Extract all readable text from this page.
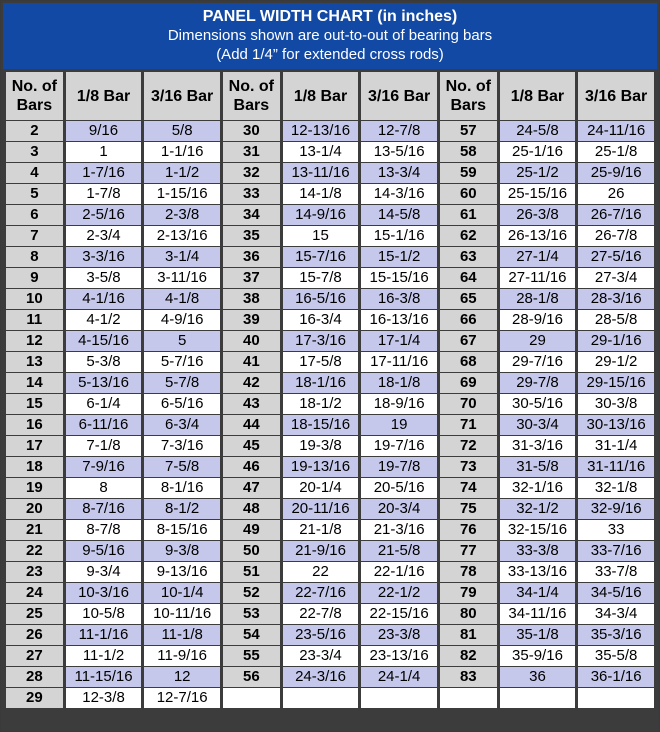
PANEL WIDTH CHART (in inches)
Dimensions shown are out-to-out of bearing bars
(Add 1/4” for extended cross rods)
No. of
Bars	1/8 Bar	3/16 Bar	No. of
Bars	1/8 Bar	3/16 Bar	No. of
Bars	1/8 Bar	3/16 Bar
2	9/16	5/8	30	12-13/16	12-7/8	57	24-5/8	24-11/16
3	1	1-1/16	31	13-1/4	13-5/16	58	25-1/16	25-1/8
4	1-7/16	1-1/2	32	13-11/16	13-3/4	59	25-1/2	25-9/16
5	1-7/8	1-15/16	33	14-1/8	14-3/16	60	25-15/16	26
6	2-5/16	2-3/8	34	14-9/16	14-5/8	61	26-3/8	26-7/16
7	2-3/4	2-13/16	35	15	15-1/16	62	26-13/16	26-7/8
8	3-3/16	3-1/4	36	15-7/16	15-1/2	63	27-1/4	27-5/16
9	3-5/8	3-11/16	37	15-7/8	15-15/16	64	27-11/16	27-3/4
10	4-1/16	4-1/8	38	16-5/16	16-3/8	65	28-1/8	28-3/16
11	4-1/2	4-9/16	39	16-3/4	16-13/16	66	28-9/16	28-5/8
12	4-15/16	5	40	17-3/16	17-1/4	67	29	29-1/16
13	5-3/8	5-7/16	41	17-5/8	17-11/16	68	29-7/16	29-1/2
14	5-13/16	5-7/8	42	18-1/16	18-1/8	69	29-7/8	29-15/16
15	6-1/4	6-5/16	43	18-1/2	18-9/16	70	30-5/16	30-3/8
16	6-11/16	6-3/4	44	18-15/16	19	71	30-3/4	30-13/16
17	7-1/8	7-3/16	45	19-3/8	19-7/16	72	31-3/16	31-1/4
18	7-9/16	7-5/8	46	19-13/16	19-7/8	73	31-5/8	31-11/16
19	8	8-1/16	47	20-1/4	20-5/16	74	32-1/16	32-1/8
20	8-7/16	8-1/2	48	20-11/16	20-3/4	75	32-1/2	32-9/16
21	8-7/8	8-15/16	49	21-1/8	21-3/16	76	32-15/16	33
22	9-5/16	9-3/8	50	21-9/16	21-5/8	77	33-3/8	33-7/16
23	9-3/4	9-13/16	51	22	22-1/16	78	33-13/16	33-7/8
24	10-3/16	10-1/4	52	22-7/16	22-1/2	79	34-1/4	34-5/16
25	10-5/8	10-11/16	53	22-7/8	22-15/16	80	34-11/16	34-3/4
26	11-1/16	11-1/8	54	23-5/16	23-3/8	81	35-1/8	35-3/16
27	11-1/2	11-9/16	55	23-3/4	23-13/16	82	35-9/16	35-5/8
28	11-15/16	12	56	24-3/16	24-1/4	83	36	36-1/16
29	12-3/8	12-7/16						
